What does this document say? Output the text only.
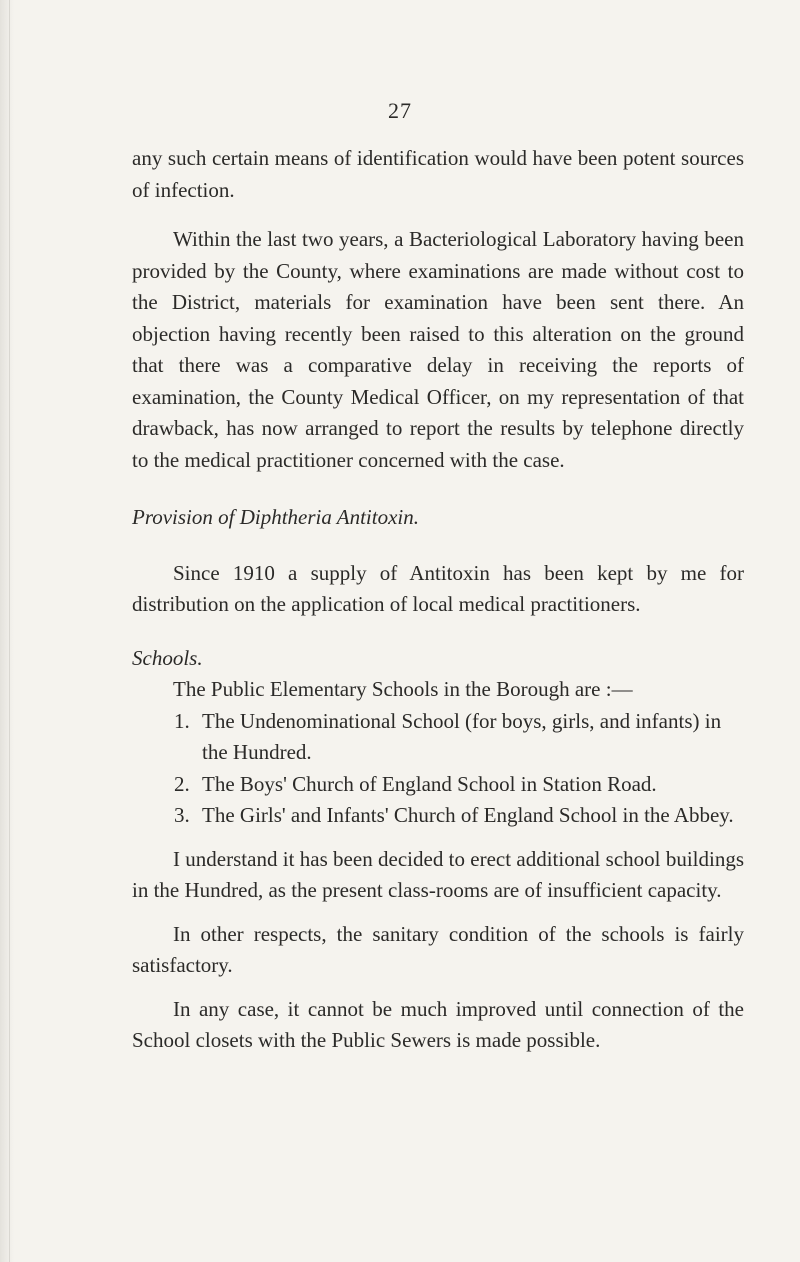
27

any such certain means of identification would have been potent sources of infection.

Within the last two years, a Bacteriological Laboratory having been provided by the County, where examinations are made without cost to the District, materials for examination have been sent there. An objection having recently been raised to this alteration on the ground that there was a comparative delay in receiving the reports of examination, the County Medical Officer, on my representation of that drawback, has now arranged to report the results by telephone directly to the medical practitioner concerned with the case.

Provision of Diphtheria Antitoxin.

Since 1910 a supply of Antitoxin has been kept by me for distribution on the application of local medical practitioners.

Schools.

The Public Elementary Schools in the Borough are :—

1. The Undenominational School (for boys, girls, and infants) in the Hundred.
2. The Boys' Church of England School in Station Road.
3. The Girls' and Infants' Church of England School in the Abbey.

I understand it has been decided to erect additional school buildings in the Hundred, as the present class-rooms are of insufficient capacity.

In other respects, the sanitary condition of the schools is fairly satisfactory.

In any case, it cannot be much improved until connection of the School closets with the Public Sewers is made possible.
